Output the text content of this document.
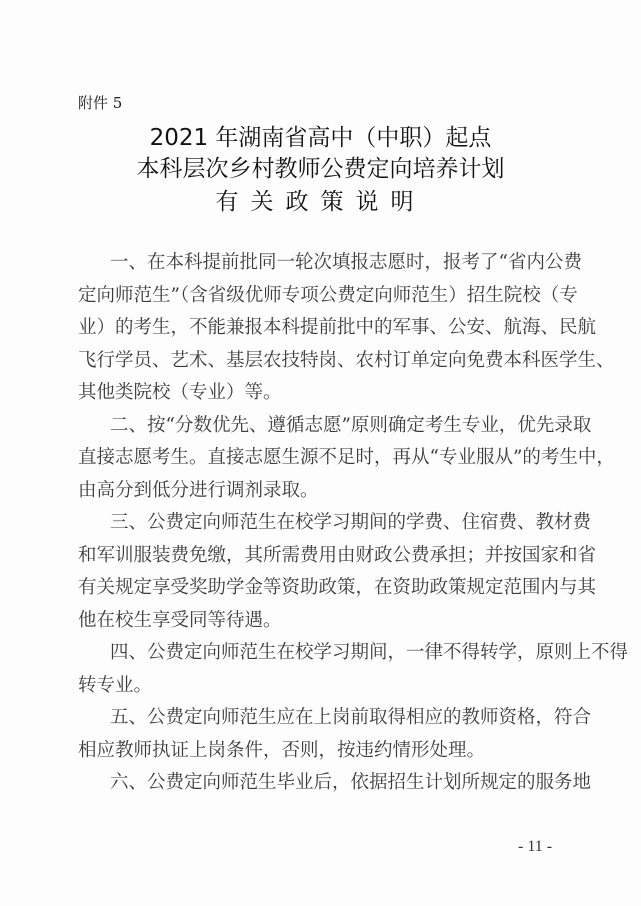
附件 5
2021 年湖南省高中（中职）起点
本科层次乡村教师公费定向培养计划
有关政策说明
一、在本科提前批同一轮次填报志愿时，报考了“省内公费
定向师范生”（含省级优师专项公费定向师范生）招生院校（专
业）的考生，不能兼报本科提前批中的军事、公安、航海、民航
飞行学员、艺术、基层农技特岗、农村订单定向免费本科医学生、
其他类院校（专业）等。
二、按“分数优先、遵循志愿”原则确定考生专业，优先录取
直接志愿考生。直接志愿生源不足时，再从“专业服从”的考生中，
由高分到低分进行调剂录取。
三、公费定向师范生在校学习期间的学费、住宿费、教材费
和军训服装费免缴，其所需费用由财政公费承担；并按国家和省
有关规定享受奖助学金等资助政策，在资助政策规定范围内与其
他在校生享受同等待遇。
四、公费定向师范生在校学习期间，一律不得转学，原则上不得
转专业。
五、公费定向师范生应在上岗前取得相应的教师资格，符合
相应教师执证上岗条件，否则，按违约情形处理。
六、公费定向师范生毕业后，依据招生计划所规定的服务地
- 11 -
